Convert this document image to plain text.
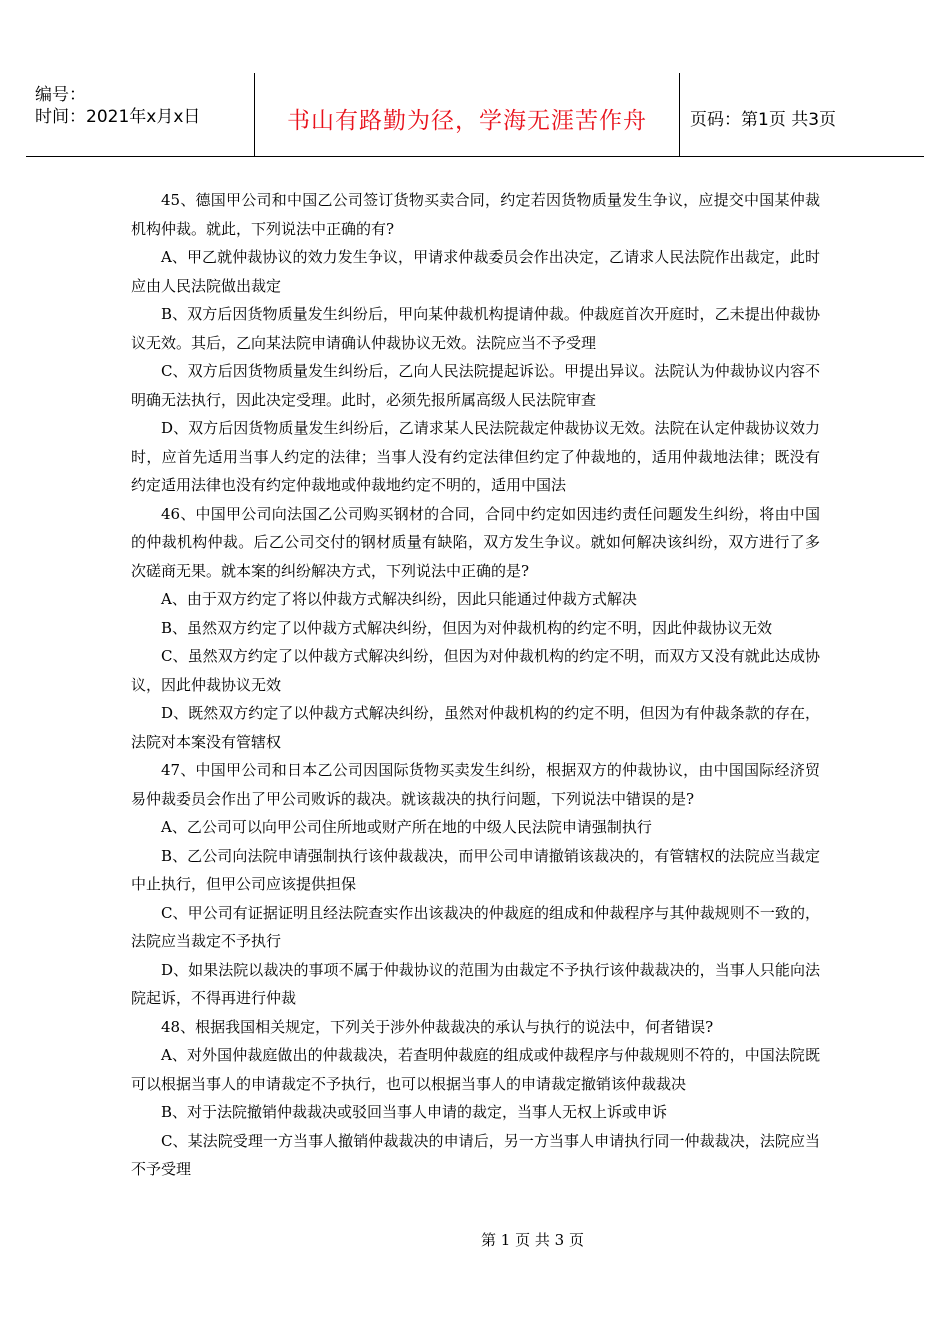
编号：
时间：2021年x月x日	书山有路勤为径，学海无涯苦作舟	页码：第1页 共3页

45、德国甲公司和中国乙公司签订货物买卖合同，约定若因货物质量发生争议，应提交中国某仲裁机构仲裁。就此，下列说法中正确的有?

A、甲乙就仲裁协议的效力发生争议，甲请求仲裁委员会作出决定，乙请求人民法院作出裁定，此时应由人民法院做出裁定

B、双方后因货物质量发生纠纷后，甲向某仲裁机构提请仲裁。仲裁庭首次开庭时，乙未提出仲裁协议无效。其后，乙向某法院申请确认仲裁协议无效。法院应当不予受理

C、双方后因货物质量发生纠纷后，乙向人民法院提起诉讼。甲提出异议。法院认为仲裁协议内容不明确无法执行，因此决定受理。此时，必须先报所属高级人民法院审查

D、双方后因货物质量发生纠纷后，乙请求某人民法院裁定仲裁协议无效。法院在认定仲裁协议效力时，应首先适用当事人约定的法律；当事人没有约定法律但约定了仲裁地的，适用仲裁地法律；既没有约定适用法律也没有约定仲裁地或仲裁地约定不明的，适用中国法

46、中国甲公司向法国乙公司购买钢材的合同，合同中约定如因违约责任问题发生纠纷，将由中国的仲裁机构仲裁。后乙公司交付的钢材质量有缺陷，双方发生争议。就如何解决该纠纷，双方进行了多次磋商无果。就本案的纠纷解决方式，下列说法中正确的是?

A、由于双方约定了将以仲裁方式解决纠纷，因此只能通过仲裁方式解决

B、虽然双方约定了以仲裁方式解决纠纷，但因为对仲裁机构的约定不明，因此仲裁协议无效

C、虽然双方约定了以仲裁方式解决纠纷，但因为对仲裁机构的约定不明，而双方又没有就此达成协议，因此仲裁协议无效

D、既然双方约定了以仲裁方式解决纠纷，虽然对仲裁机构的约定不明，但因为有仲裁条款的存在，法院对本案没有管辖权

47、中国甲公司和日本乙公司因国际货物买卖发生纠纷，根据双方的仲裁协议，由中国国际经济贸易仲裁委员会作出了甲公司败诉的裁决。就该裁决的执行问题，下列说法中错误的是?

A、乙公司可以向甲公司住所地或财产所在地的中级人民法院申请强制执行

B、乙公司向法院申请强制执行该仲裁裁决，而甲公司申请撤销该裁决的，有管辖权的法院应当裁定中止执行，但甲公司应该提供担保

C、甲公司有证据证明且经法院查实作出该裁决的仲裁庭的组成和仲裁程序与其仲裁规则不一致的，法院应当裁定不予执行

D、如果法院以裁决的事项不属于仲裁协议的范围为由裁定不予执行该仲裁裁决的，当事人只能向法院起诉，不得再进行仲裁

48、根据我国相关规定，下列关于涉外仲裁裁决的承认与执行的说法中，何者错误?

A、对外国仲裁庭做出的仲裁裁决，若查明仲裁庭的组成或仲裁程序与仲裁规则不符的，中国法院既可以根据当事人的申请裁定不予执行，也可以根据当事人的申请裁定撤销该仲裁裁决

B、对于法院撤销仲裁裁决或驳回当事人申请的裁定，当事人无权上诉或申诉

C、某法院受理一方当事人撤销仲裁裁决的申请后，另一方当事人申请执行同一仲裁裁决，法院应当不予受理

第 1 页 共 3 页
